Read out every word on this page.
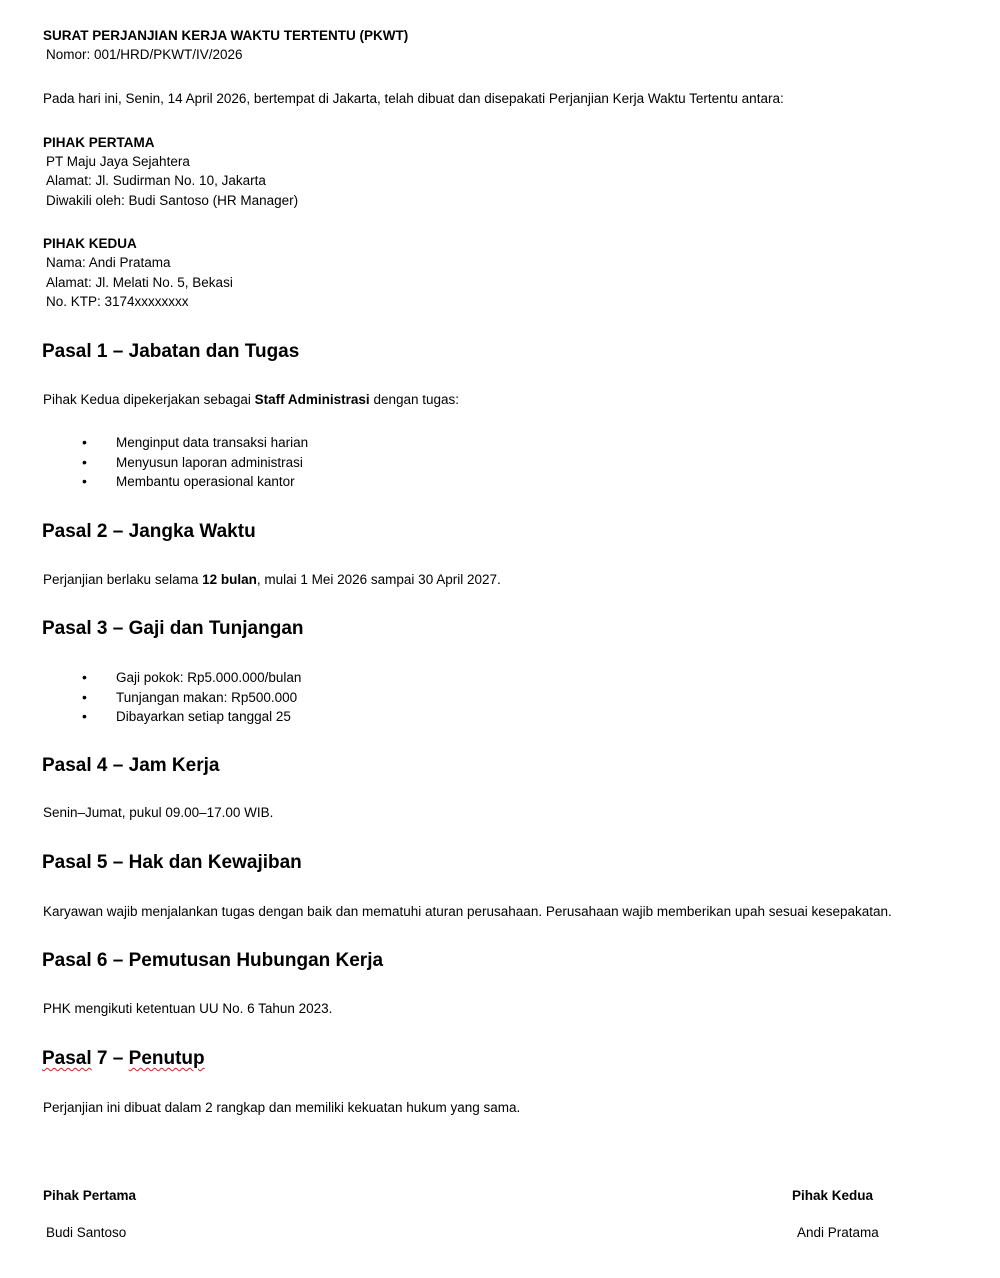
SURAT PERJANJIAN KERJA WAKTU TERTENTU (PKWT)
Nomor: 001/HRD/PKWT/IV/2026
Pada hari ini, Senin, 14 April 2026, bertempat di Jakarta, telah dibuat dan disepakati Perjanjian Kerja Waktu Tertentu antara:
PIHAK PERTAMA
PT Maju Jaya Sejahtera
Alamat: Jl. Sudirman No. 10, Jakarta
Diwakili oleh: Budi Santoso (HR Manager)
PIHAK KEDUA
Nama: Andi Pratama
Alamat: Jl. Melati No. 5, Bekasi
No. KTP: 3174xxxxxxxx
Pasal 1 – Jabatan dan Tugas
Pihak Kedua dipekerjakan sebagai Staff Administrasi dengan tugas:
• Menginput data transaksi harian
• Menyusun laporan administrasi
• Membantu operasional kantor
Pasal 2 – Jangka Waktu
Perjanjian berlaku selama 12 bulan, mulai 1 Mei 2026 sampai 30 April 2027.
Pasal 3 – Gaji dan Tunjangan
• Gaji pokok: Rp5.000.000/bulan
• Tunjangan makan: Rp500.000
• Dibayarkan setiap tanggal 25
Pasal 4 – Jam Kerja
Senin–Jumat, pukul 09.00–17.00 WIB.
Pasal 5 – Hak dan Kewajiban
Karyawan wajib menjalankan tugas dengan baik dan mematuhi aturan perusahaan. Perusahaan wajib memberikan upah sesuai kesepakatan.
Pasal 6 – Pemutusan Hubungan Kerja
PHK mengikuti ketentuan UU No. 6 Tahun 2023.
Pasal 7 – Penutup
Perjanjian ini dibuat dalam 2 rangkap dan memiliki kekuatan hukum yang sama.
Pihak Pertama
Budi Santoso
Pihak Kedua
Andi Pratama
